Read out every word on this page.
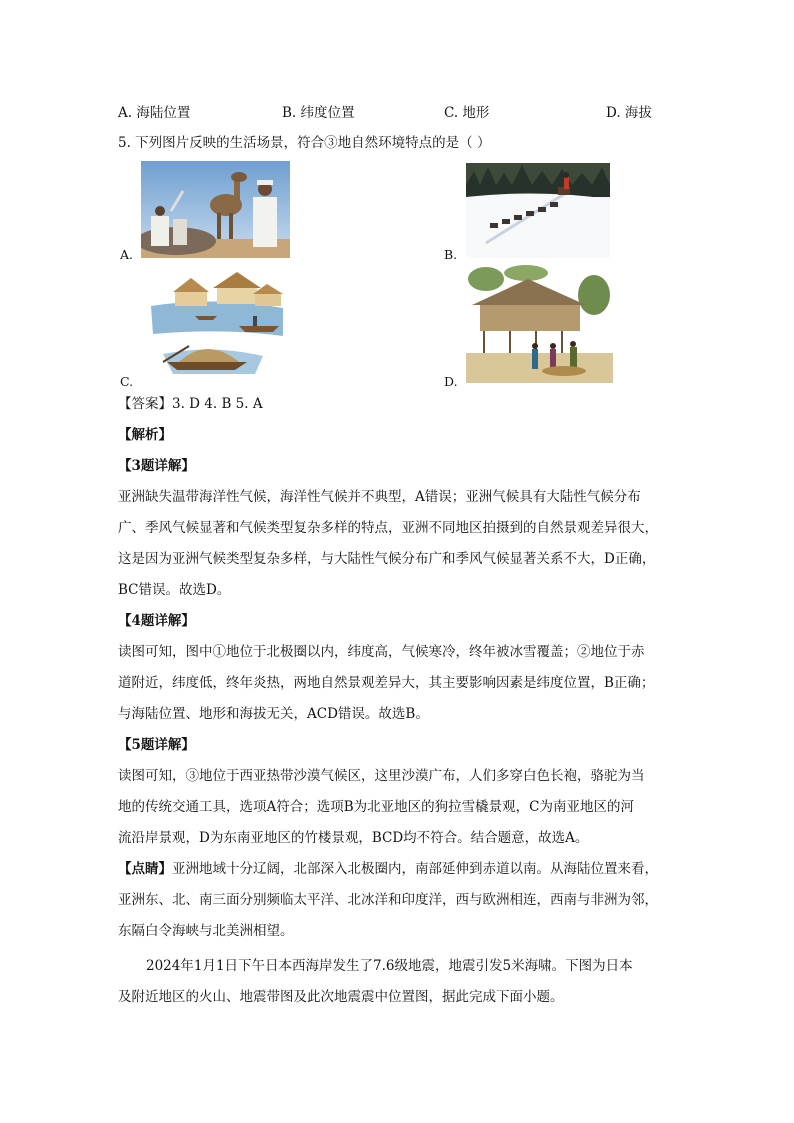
A. 海陆位置	B. 纬度位置	C. 地形	D. 海拔
5. 下列图片反映的生活场景，符合③地自然环境特点的是（ ）
A.	B.
C.	D.
【答案】3. D 4. B 5. A
【解析】
【3题详解】
亚洲缺失温带海洋性气候，海洋性气候并不典型，A错误；亚洲气候具有大陆性气候分布
广、季风气候显著和气候类型复杂多样的特点，亚洲不同地区拍摄到的自然景观差异很大，
这是因为亚洲气候类型复杂多样，与大陆性气候分布广和季风气候显著关系不大，D正确，
BC错误。故选D。
【4题详解】
读图可知，图中①地位于北极圈以内，纬度高，气候寒冷，终年被冰雪覆盖；②地位于赤
道附近，纬度低，终年炎热，两地自然景观差异大，其主要影响因素是纬度位置，B正确；
与海陆位置、地形和海拔无关，ACD错误。故选B。
【5题详解】
读图可知，③地位于西亚热带沙漠气候区，这里沙漠广布，人们多穿白色长袍，骆驼为当
地的传统交通工具，选项A符合；选项B为北亚地区的狗拉雪橇景观，C为南亚地区的河
流沿岸景观，D为东南亚地区的竹楼景观，BCD均不符合。结合题意，故选A。
【点睛】亚洲地域十分辽阔，北部深入北极圈内，南部延伸到赤道以南。从海陆位置来看，
亚洲东、北、南三面分别频临太平洋、北冰洋和印度洋，西与欧洲相连，西南与非洲为邻，
东隔白令海峡与北美洲相望。
2024年1月1日下午日本西海岸发生了7.6级地震，地震引发5米海啸。下图为日本
及附近地区的火山、地震带图及此次地震震中位置图，据此完成下面小题。
